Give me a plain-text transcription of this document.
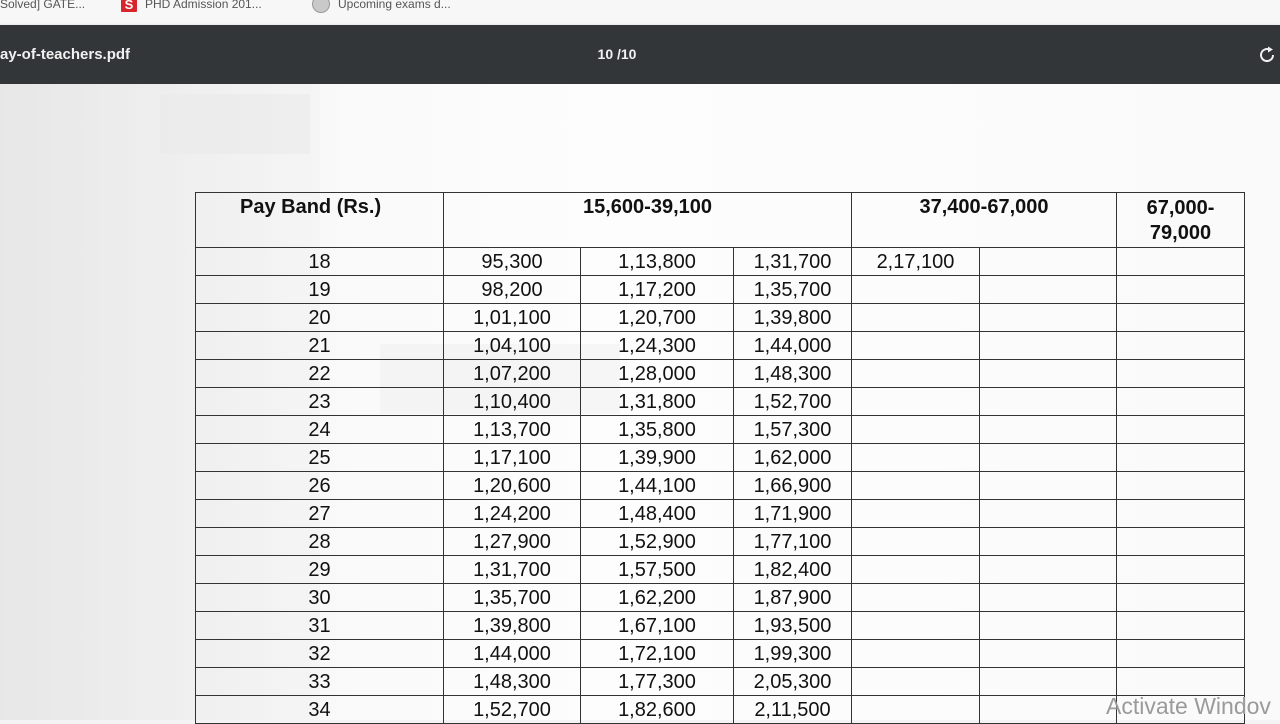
Solved] GATE...	S PHD Admission 201...	Upcoming exams d...
ay-of-teachers.pdf	10 /10
Pay Band (Rs.)	15,600-39,100			37,400-67,000		67,000-
79,000
18	95,300	1,13,800	1,31,700	2,17,100		
19	98,200	1,17,200	1,35,700			
20	1,01,100	1,20,700	1,39,800			
21	1,04,100	1,24,300	1,44,000			
22	1,07,200	1,28,000	1,48,300			
23	1,10,400	1,31,800	1,52,700			
24	1,13,700	1,35,800	1,57,300			
25	1,17,100	1,39,900	1,62,000			
26	1,20,600	1,44,100	1,66,900			
27	1,24,200	1,48,400	1,71,900			
28	1,27,900	1,52,900	1,77,100			
29	1,31,700	1,57,500	1,82,400			
30	1,35,700	1,62,200	1,87,900			
31	1,39,800	1,67,100	1,93,500			
32	1,44,000	1,72,100	1,99,300			
33	1,48,300	1,77,300	2,05,300			
34	1,52,700	1,82,600	2,11,500				Activate Windov
